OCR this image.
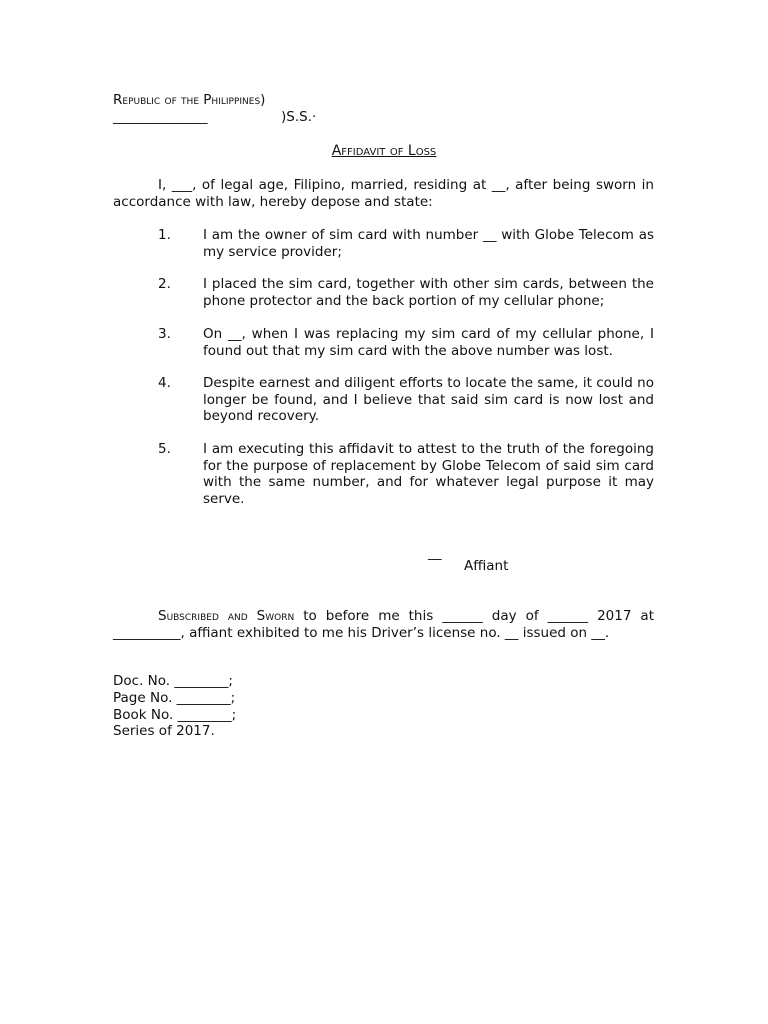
Republic of the Philippines)
______________	)S.S.·
Affidavit of Loss
I, ___, of legal age, Filipino, married, residing at __, after being sworn in accordance with law, hereby depose and state:
1. I am the owner of sim card with number __ with Globe Telecom as my service provider;
2. I placed the sim card, together with other sim cards, between the phone protector and the back portion of my cellular phone;
3. On __, when I was replacing my sim card of my cellular phone, I found out that my sim card with the above number was lost.
4. Despite earnest and diligent efforts to locate the same, it could no longer be found, and I believe that said sim card is now lost and beyond recovery.
5. I am executing this affidavit to attest to the truth of the foregoing for the purpose of replacement by Globe Telecom of said sim card with the same number, and for whatever legal purpose it may serve.
__
Affiant
Subscribed and Sworn to before me this ______ day of ______ 2017 at __________, affiant exhibited to me his Driver’s license no. __ issued on __.
Doc. No. ________;
Page No. ________;
Book No. ________;
Series of 2017.
